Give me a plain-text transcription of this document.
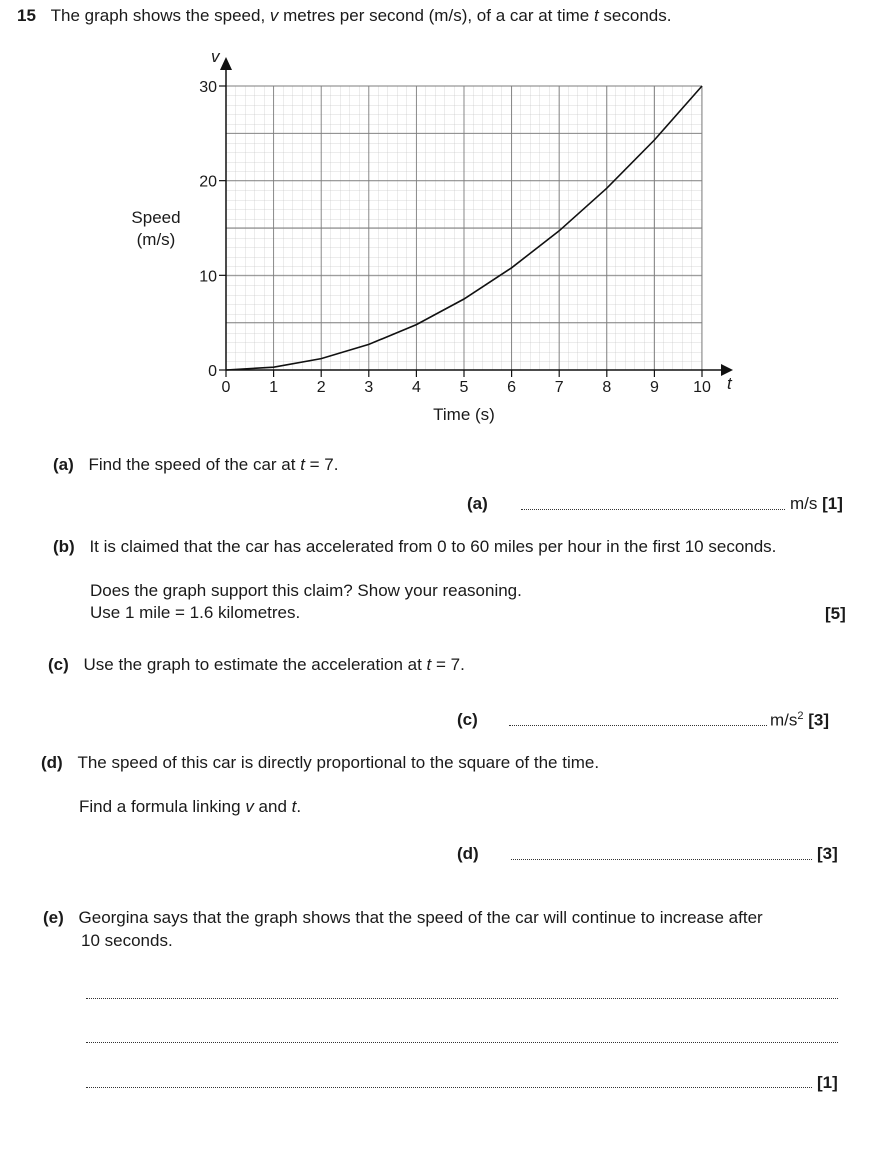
15 The graph shows the speed, v metres per second (m/s), of a car at time t seconds.
0 1 2 3 4 5 6 7 8 9 10
0
10
20
30
t
v
Speed
(m/s)
Time (s)
(a) Find the speed of the car at t = 7.
(a)	m/s [1]
(b) It is claimed that the car has accelerated from 0 to 60 miles per hour in the first 10 seconds.
Does the graph support this claim? Show your reasoning.
Use 1 mile = 1.6 kilometres.	[5]
(c) Use the graph to estimate the acceleration at t = 7.
(c)	$m/s^2$ [3]
(d) The speed of this car is directly proportional to the square of the time.
Find a formula linking v and t.
(d)	[3]
(e) Georgina says that the graph shows that the speed of the car will continue to increase after
10 seconds.
[1]
